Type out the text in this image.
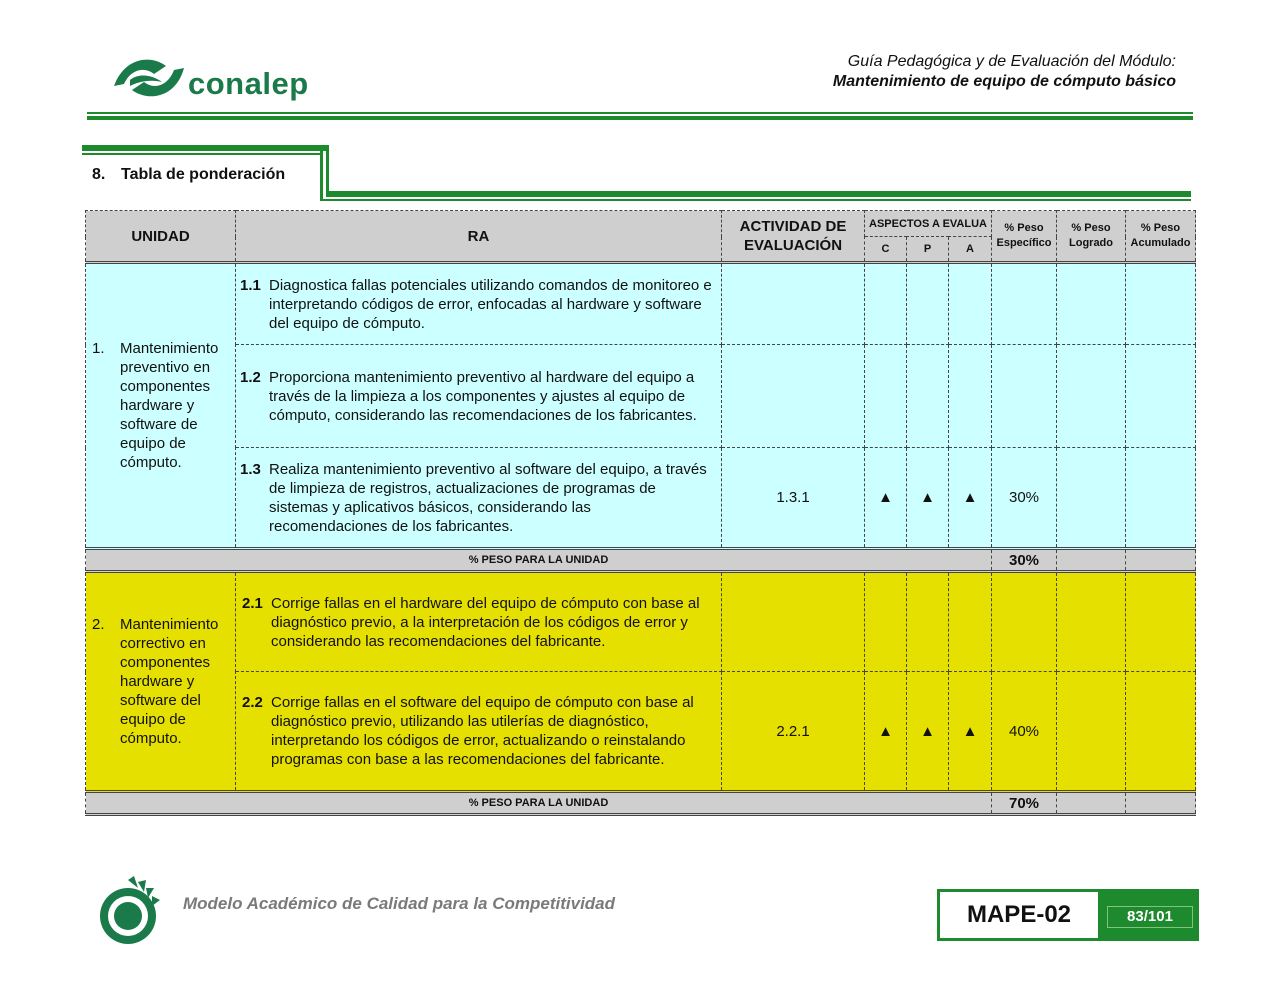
conalep
Guía Pedagógica y de Evaluación del Módulo:
Mantenimiento de equipo de cómputo básico
8. Tabla de ponderación
UNIDAD	RA	ACTIVIDAD DE EVALUACIÓN	ASPECTOS A EVALUA			% Peso Específico	% Peso Logrado	% Peso Acumulado
			C	P	A			
1. Mantenimiento preventivo en componentes hardware y software de equipo de cómputo.	1.1 Diagnostica fallas potenciales utilizando comandos de monitoreo e interpretando códigos de error, enfocadas al hardware y software del equipo de cómputo.							
	1.2Proporciona mantenimiento preventivo al hardware del equipo a través de la limpieza a los componentes y ajustes al equipo de cómputo, considerando las recomendaciones de los fabricantes.							
	1.3 Realiza mantenimiento preventivo al software del equipo, a través de limpieza de registros, actualizaciones de programas de sistemas y aplicativos básicos, considerando las recomendaciones de los fabricantes.	1.3.1	▲	▲	▲	30%		
% PESO PARA LA UNIDAD						30%		
2. Mantenimiento correctivo en componentes hardware y software del equipo de cómputo.	2.1 Corrige fallas en el hardware del equipo de cómputo con base al diagnóstico previo, a la interpretación de los códigos de error y considerando las recomendaciones del fabricante.							
	2.2 Corrige fallas en el software del equipo de cómputo con base al diagnóstico previo, utilizando las utilerías de diagnóstico, interpretando los códigos de error, actualizando o reinstalando programas con base a las recomendaciones del fabricante.	2.2.1	▲	▲	▲	40%		
% PESO PARA LA UNIDAD						70%		
Modelo Académico de Calidad para la Competitividad	MAPE-02	83/101
